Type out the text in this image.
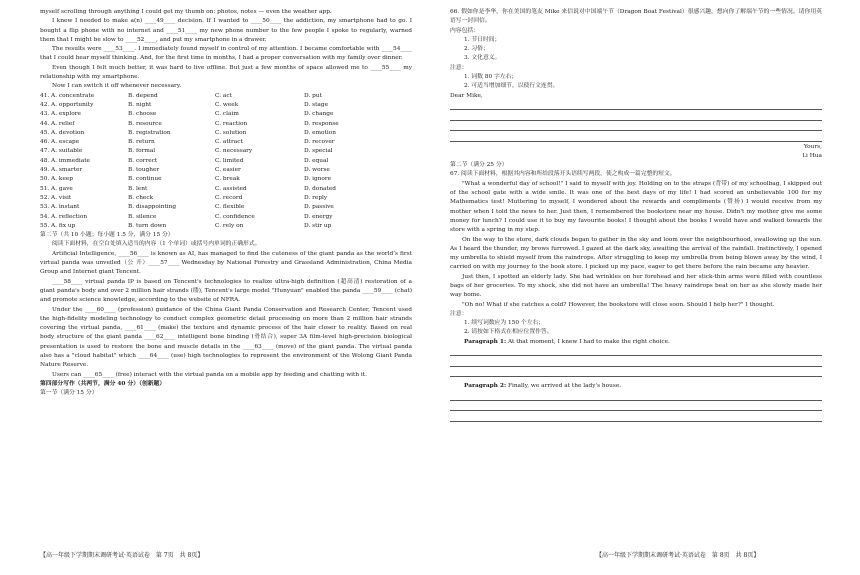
myself scrolling through anything I could get my thumb on: photos, notes — even the weather app.

I knew I needed to make a(n) ____49____ decision. If I wanted to ____50____ the addiction, my smartphone had to go. I bought a flip phone with no internet and ____51____ my new phone number to the few people I spoke to regularly, warned them that I might be slow to ____52____, and put my smartphone in a drawer.

The results were ____53____. I immediately found myself in control of my attention. I became comfortable with ____54____ that I could hear myself thinking. And, for the first time in months, I had a proper conversation with my family over dinner.

Even though I felt much better, it was hard to live offline. But just a few months of space allowed me to ____55____ my relationship with my smartphone.

Now I can switch it off whenever necessary.

41. A. concentrate	B. depend	C. act	D. put
42. A. opportunity	B. night	C. week	D. stage
43. A. explore	B. choose	C. claim	D. change
44. A. relief	B. resource	C. reaction	D. response
45. A. devotion	B. registration	C. solution	D. emotion
46. A. escape	B. return	C. attract	D. recover
47. A. suitable	B. formal	C. necessary	D. special
48. A. immediate	B. correct	C. limited	D. equal
49. A. smarter	B. tougher	C. easier	D. worse
50. A. keep	B. continue	C. break	D. ignore
51. A. gave	B. lent	C. assisted	D. donated
52. A. visit	B. check	C. record	D. reply
53. A. instant	B. disappointing	C. flexible	D. passive
54. A. reflection	B. silence	C. confidence	D. energy
55. A. fix up	B. turn down	C. rely on	D. stir up

第二节（共 10 小题；每小题 1.5 分，满分 15 分）

阅读下面材料，在空白处填入适当的内容（1 个单词）或括号内单词的正确形式。

Artificial Intelligence, ____56____ is known as AI, has managed to find the cuteness of the giant panda as the world’s first virtual panda was unveiled（公 开）____57____ Wednesday by National Forestry and Grassland Administration, China Media Group and Internet giant Tencent.

____58____ virtual panda IP is based on Tencent's technologies to realize ultra-high definition (超高清) restoration of a giant panda's body and over 2 million hair strands (缕), Tencent's large model "Hunyuan" enabled the panda ____59____ (chat) and promote science knowledge, according to the website of NFRA.

Under the ____60____ (profession) guidance of the China Giant Panda Conservation and Research Center, Tencent used the high-fidelity modeling technology to conduct complex geometric detail processing on more than 2 million hair strands covering the virtual panda, ____61____ (make) the texture and dynamic process of the hair closer to reality. Based on real body structure of the giant panda ____62____ intelligent bone binding (骨结合), super 3A film-level high-precision biological presentation is used to restore the bone and muscle details in the ____63____ (move) of the giant panda. The virtual panda also has a "cloud habitat" which ____64____ (use) high technologies to represent the environment of the Wolong Giant Panda Nature Reserve.

Users can ____65____ (free) interact with the virtual panda on a mobile app by feeding and chatting with it.

第四部分写作（共两节，满分 40 分）（创新题）

第一节（满分 15 分）

66. 假如你是李华，你在美国的笔友 Mike 来信说对中国端午节（Dragon Boat Festival）很感兴趣，想向你了解端午节的一些情况。请你用英语写一封回信。

内容包括：

1. 节日时间；

2. 习俗；

3. 文化意义。

注意：

1. 词数 80 字左右；

2. 可适当增加细节，以使行文连贯。

Dear Mike,

Yours,

Li Hua

第二节（满分 25 分）

67. 阅读下面材料，根据其内容和所给段落开头语续写两段，使之构成一篇完整的短文。

"What a wonderful day of school!" I said to myself with joy. Holding on to the straps (背带) of my schoolbag, I skipped out of the school gate with a wide smile. It was one of the best days of my life! I had scored an unbelievable 100 for my Mathematics test! Muttering to myself, I wondered about the rewards and compliments (赞扬) I would receive from my mother when I told the news to her. Just then, I remembered the bookstore near my house. Didn't my mother give me some money for lunch? I could use it to buy my favourite books! I thought about the books I would have and walked towards the store with a spring in my step.

On the way to the store, dark clouds began to gather in the sky and loom over the neighbourhood, swallowing up the sun. As I heard the thunder, my brows furrowed. I gazed at the dark sky, awaiting the arrival of the rainfall. Instinctively, I opened my umbrella to shield myself from the raindrops. After struggling to keep my umbrella from being blown away by the wind, I carried on with my journey to the book store. I picked up my pace, eager to get there before the rain became any heavier.

Just then, I spotted an elderly lady. She had wrinkles on her forehead and her stick-thin arms were filled with countless bags of her groceries. To my shock, she did not have an umbrella! The heavy raindrops beat on her as she slowly made her way home.

"Oh no! What if she catches a cold? However, the bookstore will close soon. Should I help her?" I thought.

注意：

1. 续写词数应为 150 个左右；

2. 请按如下格式在相应位置作答。

Paragraph 1: At that moment, I knew I had to make the right choice.

Paragraph 2: Finally, we arrived at the lady's house.

【高一年级下学期期末调研考试·英语试卷　第 7页　共 8页】	【高一年级下学期期末调研考试·英语试卷　第 8页　共 8页】
